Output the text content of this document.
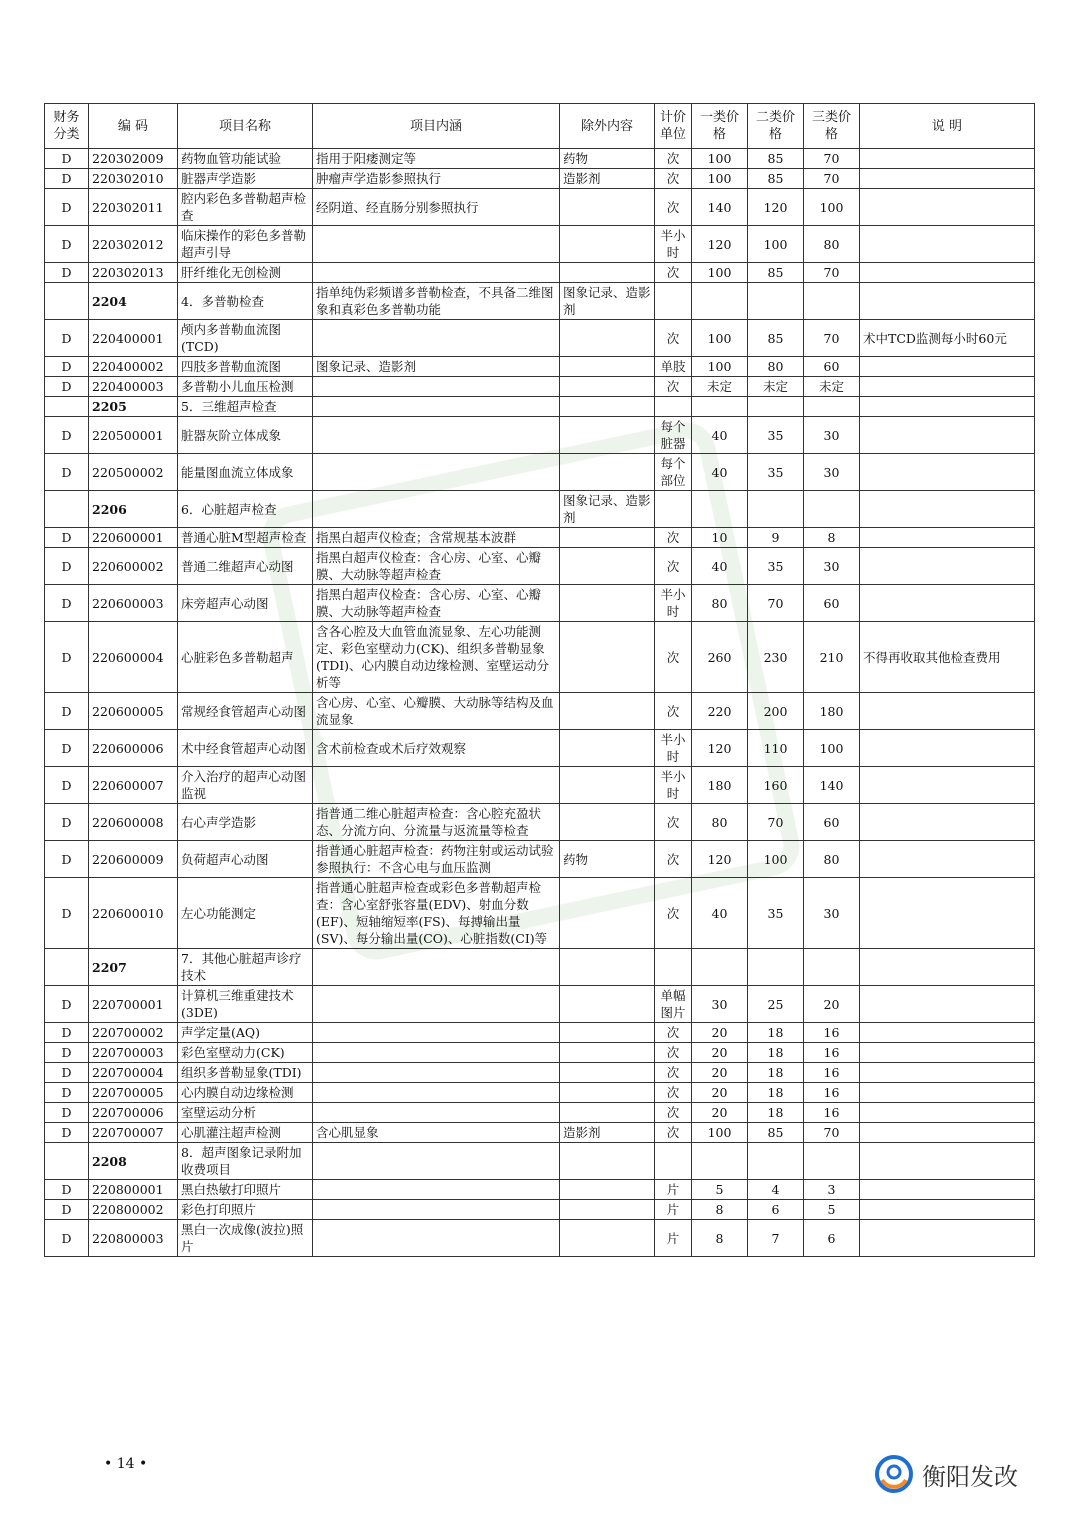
财务分类	编 码	项目名称	项目内涵	除外内容	计价单位	一类价格	二类价格	三类价格	说 明
D	220302009	药物血管功能试验	指用于阳痿测定等	药物	次	100	85	70	
D	220302010	脏器声学造影	肿瘤声学造影参照执行	造影剂	次	100	85	70	
D	220302011	腔内彩色多普勒超声检查	经阴道、经直肠分别参照执行		次	140	120	100	
D	220302012	临床操作的彩色多普勒超声引导			半小时	120	100	80	
D	220302013	肝纤维化无创检测			次	100	85	70	
	2204	4．多普勒检查	指单纯伪彩频谱多普勒检查，不具备二维图象和真彩色多普勒功能	图象记录、造影剂					
D	220400001	颅内多普勒血流图(TCD)			次	100	85	70	术中TCD监测每小时60元
D	220400002	四肢多普勒血流图	图象记录、造影剂		单肢	100	80	60	
D	220400003	多普勒小儿血压检测			次	未定	未定	未定	
	2205	5．三维超声检查							
D	220500001	脏器灰阶立体成象			每个脏器	40	35	30	
D	220500002	能量图血流立体成象			每个部位	40	35	30	
	2206	6．心脏超声检查		图象记录、造影剂					
D	220600001	普通心脏M型超声检查	指黑白超声仪检查；含常规基本波群		次	10	9	8	
D	220600002	普通二维超声心动图	指黑白超声仪检查：含心房、心室、心瓣膜、大动脉等超声检查		次	40	35	30	
D	220600003	床旁超声心动图	指黑白超声仪检查：含心房、心室、心瓣膜、大动脉等超声检查		半小时	80	70	60	
D	220600004	心脏彩色多普勒超声	含各心腔及大血管血流显象、左心功能测定、彩色室壁动力(CK)、组织多普勒显象(TDI)、心内膜自动边缘检测、室壁运动分析等		次	260	230	210	不得再收取其他检查费用
D	220600005	常规经食管超声心动图	含心房、心室、心瓣膜、大动脉等结构及血流显象		次	220	200	180	
D	220600006	术中经食管超声心动图	含术前检查或术后疗效观察		半小时	120	110	100	
D	220600007	介入治疗的超声心动图监视			半小时	180	160	140	
D	220600008	右心声学造影	指普通二维心脏超声检查：含心腔充盈状态、分流方向、分流量与返流量等检查		次	80	70	60	
D	220600009	负荷超声心动图	指普通心脏超声检查：药物注射或运动试验参照执行：不含心电与血压监测	药物	次	120	100	80	
D	220600010	左心功能测定	指普通心脏超声检查或彩色多普勒超声检查：含心室舒张容量(EDV)、射血分数(EF)、短轴缩短率(FS)、每搏输出量(SV)、每分输出量(CO)、心脏指数(CI)等		次	40	35	30	
	2207	7．其他心脏超声诊疗技术							
D	220700001	计算机三维重建技术(3DE)			单幅图片	30	25	20	
D	220700002	声学定量(AQ)			次	20	18	16	
D	220700003	彩色室壁动力(CK)			次	20	18	16	
D	220700004	组织多普勒显象(TDI)			次	20	18	16	
D	220700005	心内膜自动边缘检测			次	20	18	16	
D	220700006	室壁运动分析			次	20	18	16	
D	220700007	心肌灌注超声检测	含心肌显象	造影剂	次	100	85	70	
	2208	8．超声图象记录附加收费项目							
D	220800001	黑白热敏打印照片			片	5	4	3	
D	220800002	彩色打印照片			片	8	6	5	
D	220800003	黑白一次成像(波拉)照片			片	8	7	6	
• 14 •	衡阳发改
